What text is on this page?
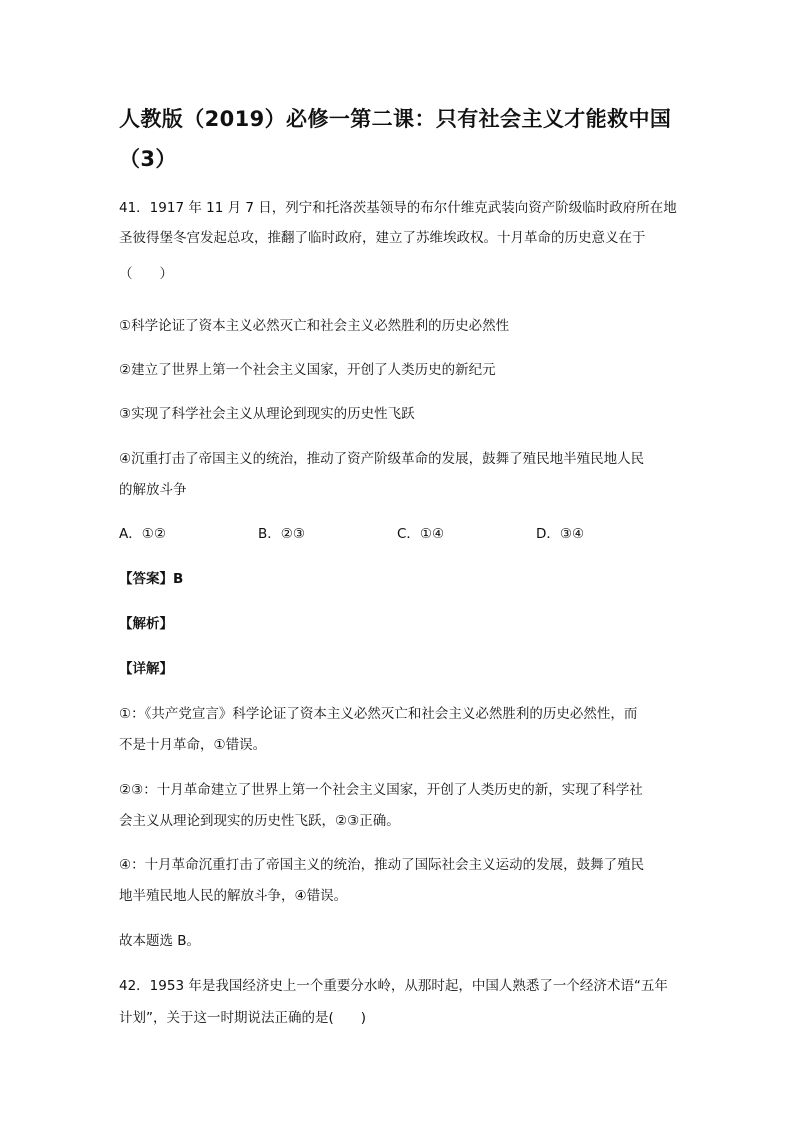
人教版（2019）必修一第二课：只有社会主义才能救中国
（3）
41．1917 年 11 月 7 日，列宁和托洛茨基领导的布尔什维克武装向资产阶级临时政府所在地
圣彼得堡冬宫发起总攻，推翻了临时政府，建立了苏维埃政权。十月革命的历史意义在于
（　　）
①科学论证了资本主义必然灭亡和社会主义必然胜利的历史必然性
②建立了世界上第一个社会主义国家，开创了人类历史的新纪元
③实现了科学社会主义从理论到现实的历史性飞跃
④沉重打击了帝国主义的统治，推动了资产阶级革命的发展，鼓舞了殖民地半殖民地人民
的解放斗争
A．①②	B．②③	C．①④	D．③④
【答案】B
【解析】
【详解】
①：《共产党宣言》科学论证了资本主义必然灭亡和社会主义必然胜利的历史必然性，而
不是十月革命，①错误。
②③：十月革命建立了世界上第一个社会主义国家，开创了人类历史的新，实现了科学社
会主义从理论到现实的历史性飞跃，②③正确。
④：十月革命沉重打击了帝国主义的统治，推动了国际社会主义运动的发展，鼓舞了殖民
地半殖民地人民的解放斗争，④错误。
故本题选 B。
42．1953 年是我国经济史上一个重要分水岭，从那时起，中国人熟悉了一个经济术语“五年
计划”，关于这一时期说法正确的是(　　)
